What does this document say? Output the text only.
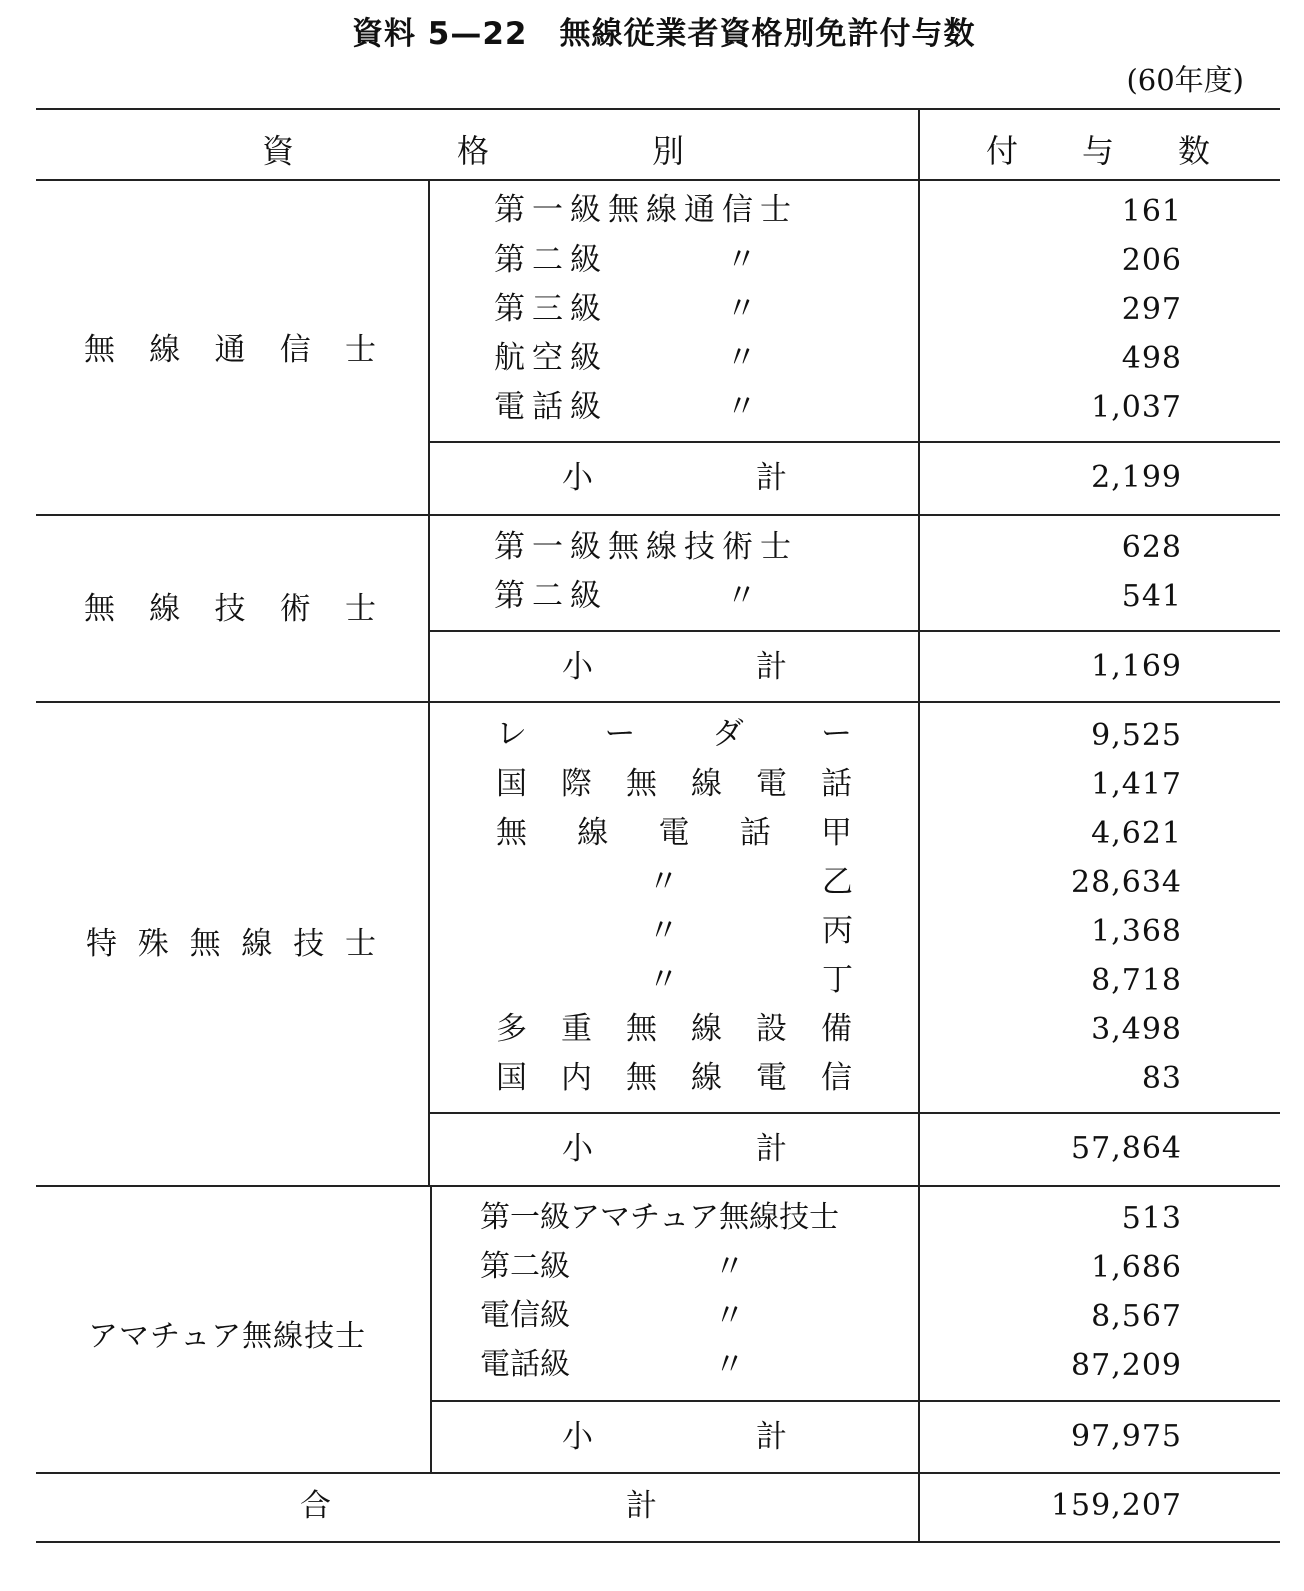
資料 5—22　無線従業者資格別免許付与数
(60年度)
資	格	別	付 与 数
無 線 通 信 士
第一級無線通信士	161
第二級	〃	206
第三級	〃	297
航空級	〃	498
電話級	〃	1,037
小	計	2,199
無 線 技 術 士
第一級無線技術士	628
第二級	〃	541
小	計	1,169
特 殊 無 線 技 士
レ ー ダ ー	9,525
国 際 無 線 電 話	1,417
無 線 電 話 甲	4,621
〃	乙	28,634
〃	丙	1,368
〃	丁	8,718
多 重 無 線 設 備	3,498
国 内 無 線 電 信	83
小	計	57,864
アマチュア無線技士
第一級アマチュア無線技士	513
第二級	〃	1,686
電信級	〃	8,567
電話級	〃	87,209
小	計	97,975
合	計	159,207
